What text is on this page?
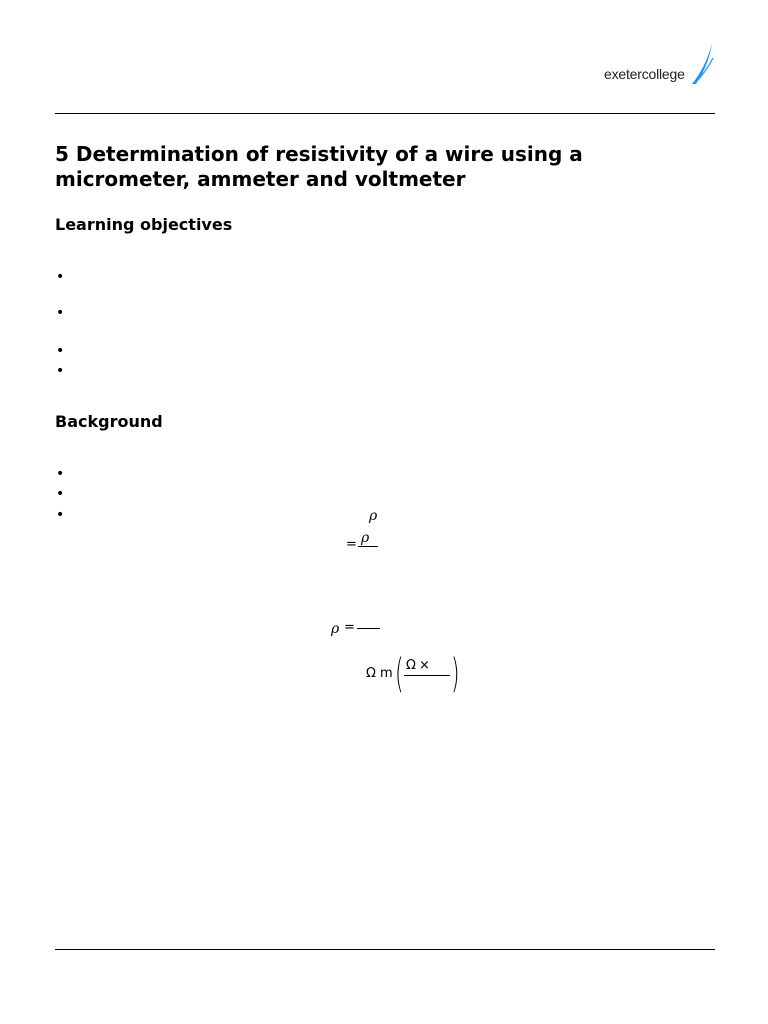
exetercollege
5 Determination of resistivity of a wire using a micrometer, ammeter and voltmeter
Learning objectives
•
•
•
•
Background
•
•
•	ρ
= ρ
ρ =
Ω m ( Ω × )
